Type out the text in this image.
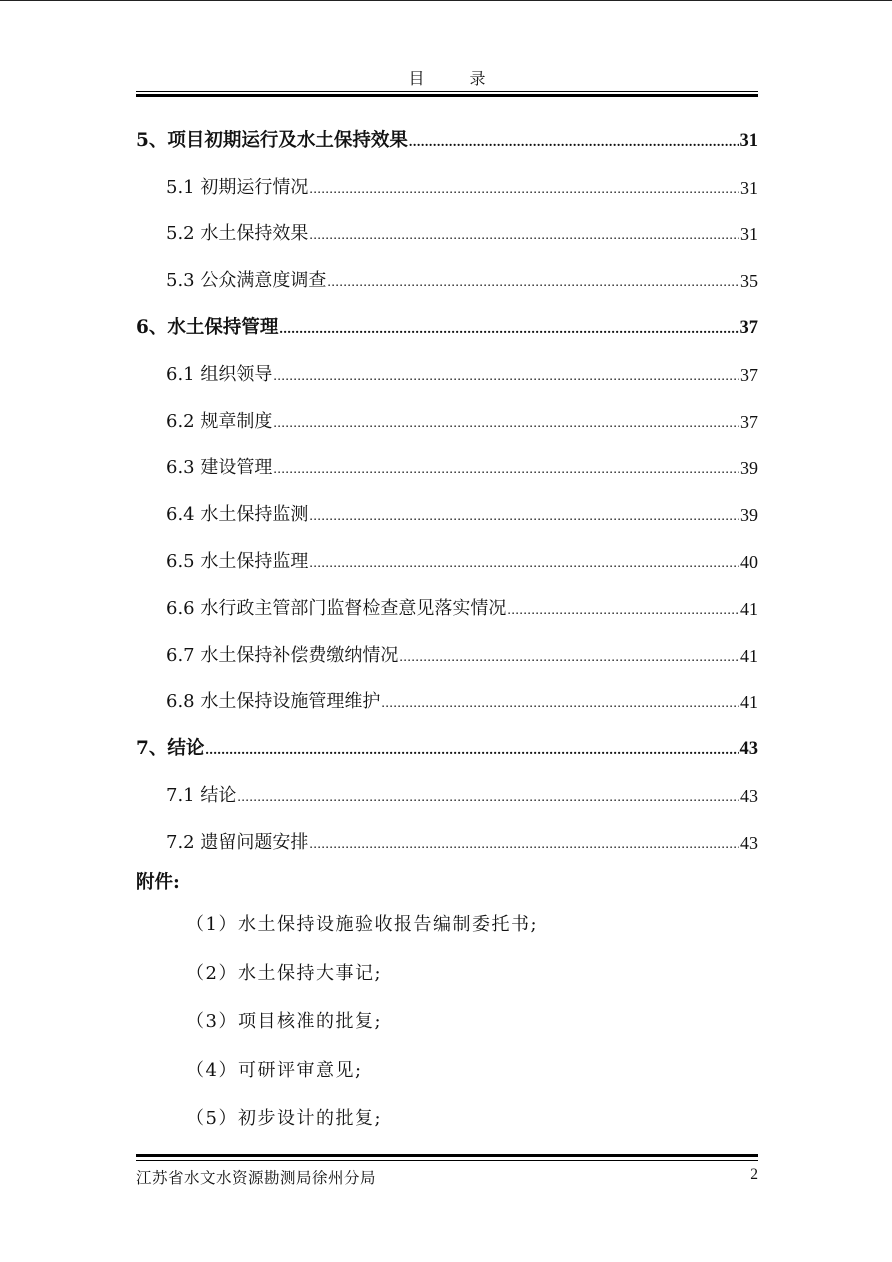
目 录
5、项目初期运行及水土保持效果 .....	31
5.1 初期运行情况 .....	31
5.2 水土保持效果 .....	31
5.3 公众满意度调查 .....	35
6、水土保持管理 .....	37
6.1 组织领导 .....	37
6.2 规章制度 .....	37
6.3 建设管理 .....	39
6.4 水土保持监测 .....	39
6.5 水土保持监理 .....	40
6.6 水行政主管部门监督检查意见落实情况 .....	41
6.7 水土保持补偿费缴纳情况 .....	41
6.8 水土保持设施管理维护 .....	41
7、结论 .....	43
7.1 结论 .....	43
7.2 遗留问题安排 .....	43
附件:
（1）水土保持设施验收报告编制委托书;
（2）水土保持大事记;
（3）项目核准的批复;
（4）可研评审意见;
（5）初步设计的批复;
江苏省水文水资源勘测局徐州分局	2
